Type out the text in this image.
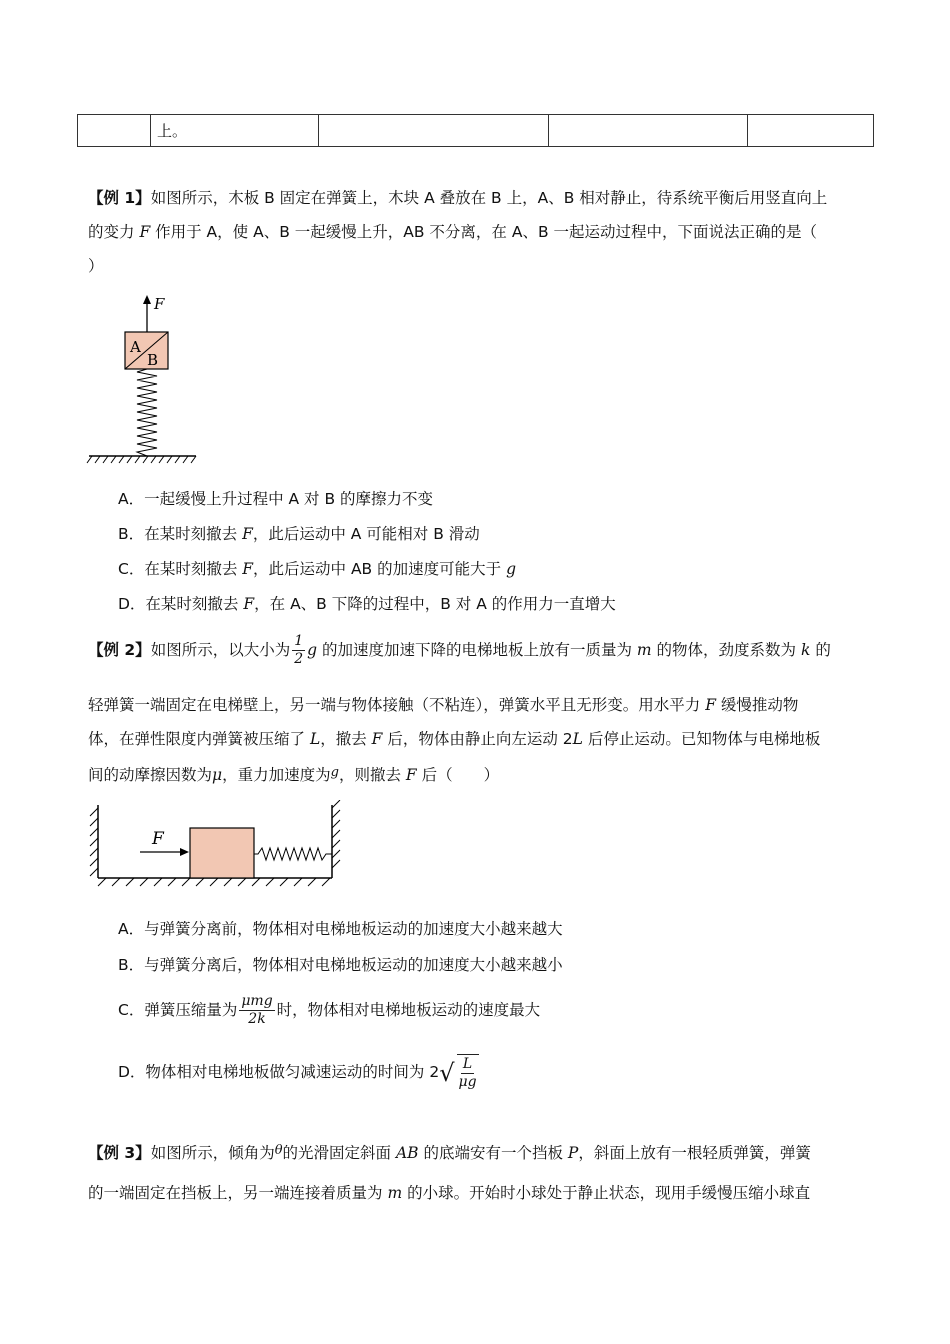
	上。			
【例 1】如图所示，木板 B 固定在弹簧上，木块 A 叠放在 B 上，A、B 相对静止，待系统平衡后用竖直向上
的变力 F 作用于 A，使 A、B 一起缓慢上升，AB 不分离，在 A、B 一起运动过程中，下面说法正确的是（
）
F
A
B
A．一起缓慢上升过程中 A 对 B 的摩擦力不变
B．在某时刻撤去 F，此后运动中 A 可能相对 B 滑动
C．在某时刻撤去 F，此后运动中 AB 的加速度可能大于 g
D．在某时刻撤去 F，在 A、B 下降的过程中，B 对 A 的作用力一直增大
【例 2】如图所示，以大小为 $\frac{1}{2}$ g 的加速度加速下降的电梯地板上放有一质量为 m 的物体，劲度系数为 k 的
轻弹簧一端固定在电梯壁上，另一端与物体接触（不粘连），弹簧水平且无形变。用水平力 F 缓慢推动物
体，在弹性限度内弹簧被压缩了 L，撤去 F 后，物体由静止向左运动 2L 后停止运动。已知物体与电梯地板
间的动摩擦因数为μ，重力加速度为$^g$，则撤去 F 后（　　）
F
A．与弹簧分离前，物体相对电梯地板运动的加速度大小越来越大
B．与弹簧分离后，物体相对电梯地板运动的加速度大小越来越小
C．弹簧压缩量为 $\frac{\text{μmg}}{2k}$ 时，物体相对电梯地板运动的速度最大
D．物体相对电梯地板做匀减速运动的时间为 $2√ \frac{L}{\mu g}$
【例 3】如图所示，倾角为$^\theta$的光滑固定斜面 AB 的底端安有一个挡板 P，斜面上放有一根轻质弹簧，弹簧
的一端固定在挡板上，另一端连接着质量为 m 的小球。开始时小球处于静止状态，现用手缓慢压缩小球直
